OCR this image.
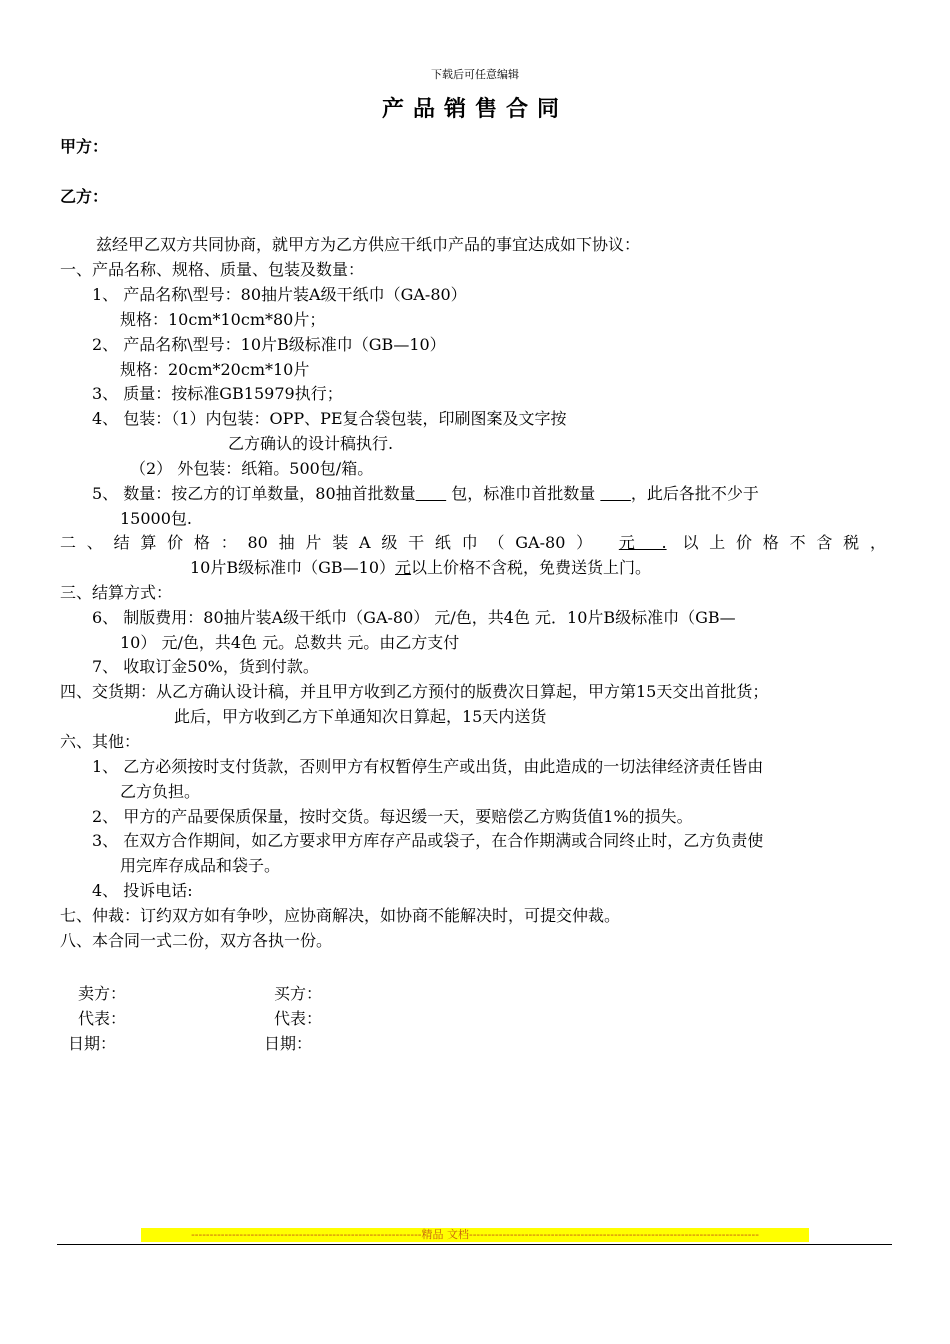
下载后可任意编辑
产品销售合同
甲方：
乙方：
兹经甲乙双方共同协商，就甲方为乙方供应干纸巾产品的事宜达成如下协议：
一、产品名称、规格、质量、包装及数量：
1、 产品名称\型号：80抽片装A级干纸巾（GA-80）
规格：10cm*10cm*80片；
2、 产品名称\型号：10片B级标准巾（GB—10）
规格：20cm*20cm*10片
3、 质量：按标准GB15979执行；
4、 包装：（1）内包装：OPP、PE复合袋包装，印刷图案及文字按
乙方确认的设计稿执行.
（2） 外包装：纸箱。500包/箱。
5、 数量：按乙方的订单数量，80抽首批数量 包，标准巾首批数量 ，此后各批不少于
15000包.
二、结算价格：80抽片装A级干纸巾（GA-80） 元 . 以上价格不含税，
10片B级标准巾（GB—10）元以上价格不含税，免费送货上门。
三、结算方式：
6、 制版费用：80抽片装A级干纸巾（GA-80） 元/色，共4色 元．10片B级标准巾（GB—
10） 元/色，共4色 元。总数共 元。由乙方支付
7、 收取订金50%，货到付款。
四、交货期：从乙方确认设计稿，并且甲方收到乙方预付的版费次日算起，甲方第15天交出首批货；
此后，甲方收到乙方下单通知次日算起，15天内送货
六、其他：
1、 乙方必须按时支付货款，否则甲方有权暂停生产或出货，由此造成的一切法律经济责任皆由
乙方负担。
2、 甲方的产品要保质保量，按时交货。每迟缓一天，要赔偿乙方购货值1%的损失。
3、 在双方合作期间，如乙方要求甲方库存产品或袋子，在合作期满或合同终止时，乙方负责使
用完库存成品和袋子。
4、 投诉电话:
七、仲裁：订约双方如有争吵，应协商解决，如协商不能解决时，可提交仲裁。
八、本合同一式二份，双方各执一份。
卖方：	买方：
代表：	代表：
日期：	日期：
--------------------------------------------------------------精品 文档------------------------------------------------------------------------------
